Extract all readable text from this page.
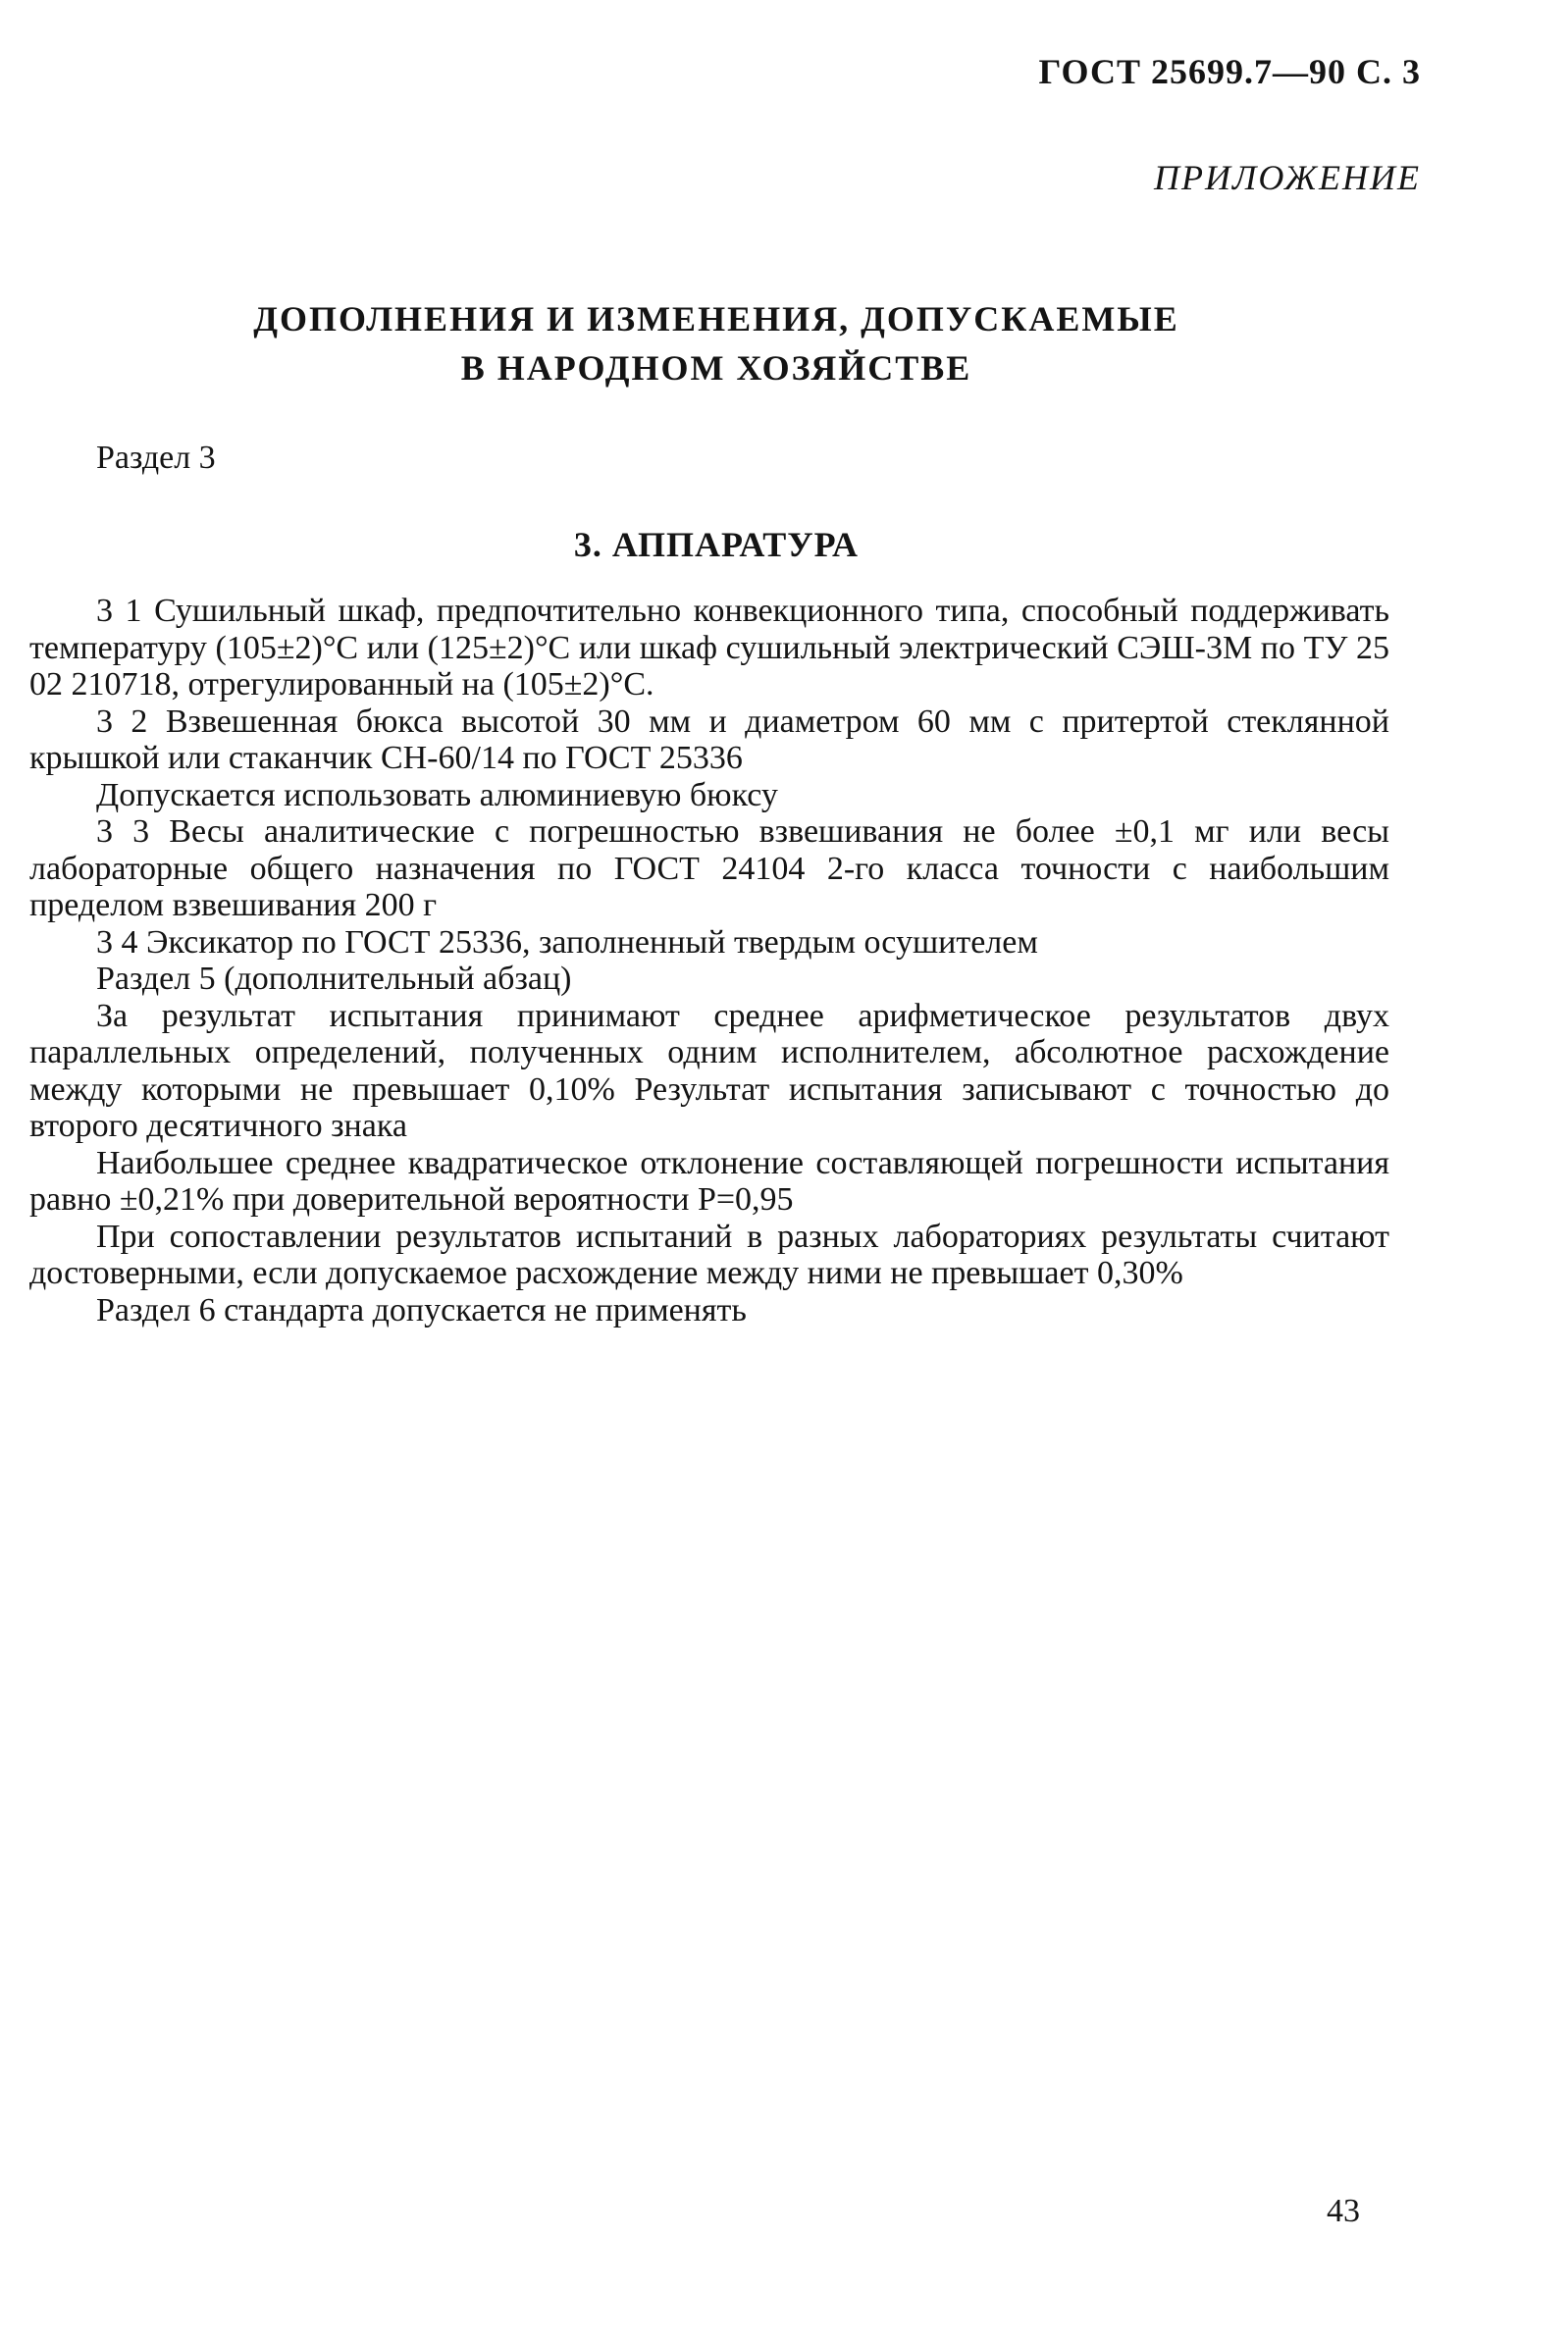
ГОСТ 25699.7—90 С. 3
ПРИЛОЖЕНИЕ
ДОПОЛНЕНИЯ И ИЗМЕНЕНИЯ, ДОПУСКАЕМЫЕ
В НАРОДНОМ ХОЗЯЙСТВЕ
Раздел 3
3. АППАРАТУРА

3 1 Сушильный шкаф, предпочтительно конвекционного типа, способный поддерживать температуру (105±2)°С или (125±2)°С или шкаф сушильный электрический СЭШ-3М по ТУ 25 02 210718, отрегулированный на (105±2)°С.

3 2 Взвешенная бюкса высотой 30 мм и диаметром 60 мм с притертой стеклянной крышкой или стаканчик СН-60/14 по ГОСТ 25336

Допускается использовать алюминиевую бюксу

3 3 Весы аналитические с погрешностью взвешивания не более ±0,1 мг или весы лабораторные общего назначения по ГОСТ 24104 2-го класса точности с наибольшим пределом взвешивания 200 г

3 4 Эксикатор по ГОСТ 25336, заполненный твердым осушителем

Раздел 5 (дополнительный абзац)

За результат испытания принимают среднее арифметическое результатов двух параллельных определений, полученных одним исполнителем, абсолютное расхождение между которыми не превышает 0,10% Результат испытания записывают с точностью до второго десятичного знака

Наибольшее среднее квадратическое отклонение составляющей погрешности испытания равно ±0,21% при доверительной вероятности P=0,95

При сопоставлении результатов испытаний в разных лабораториях результаты считают достоверными, если допускаемое расхождение между ними не превышает 0,30%

Раздел 6 стандарта допускается не применять

43
